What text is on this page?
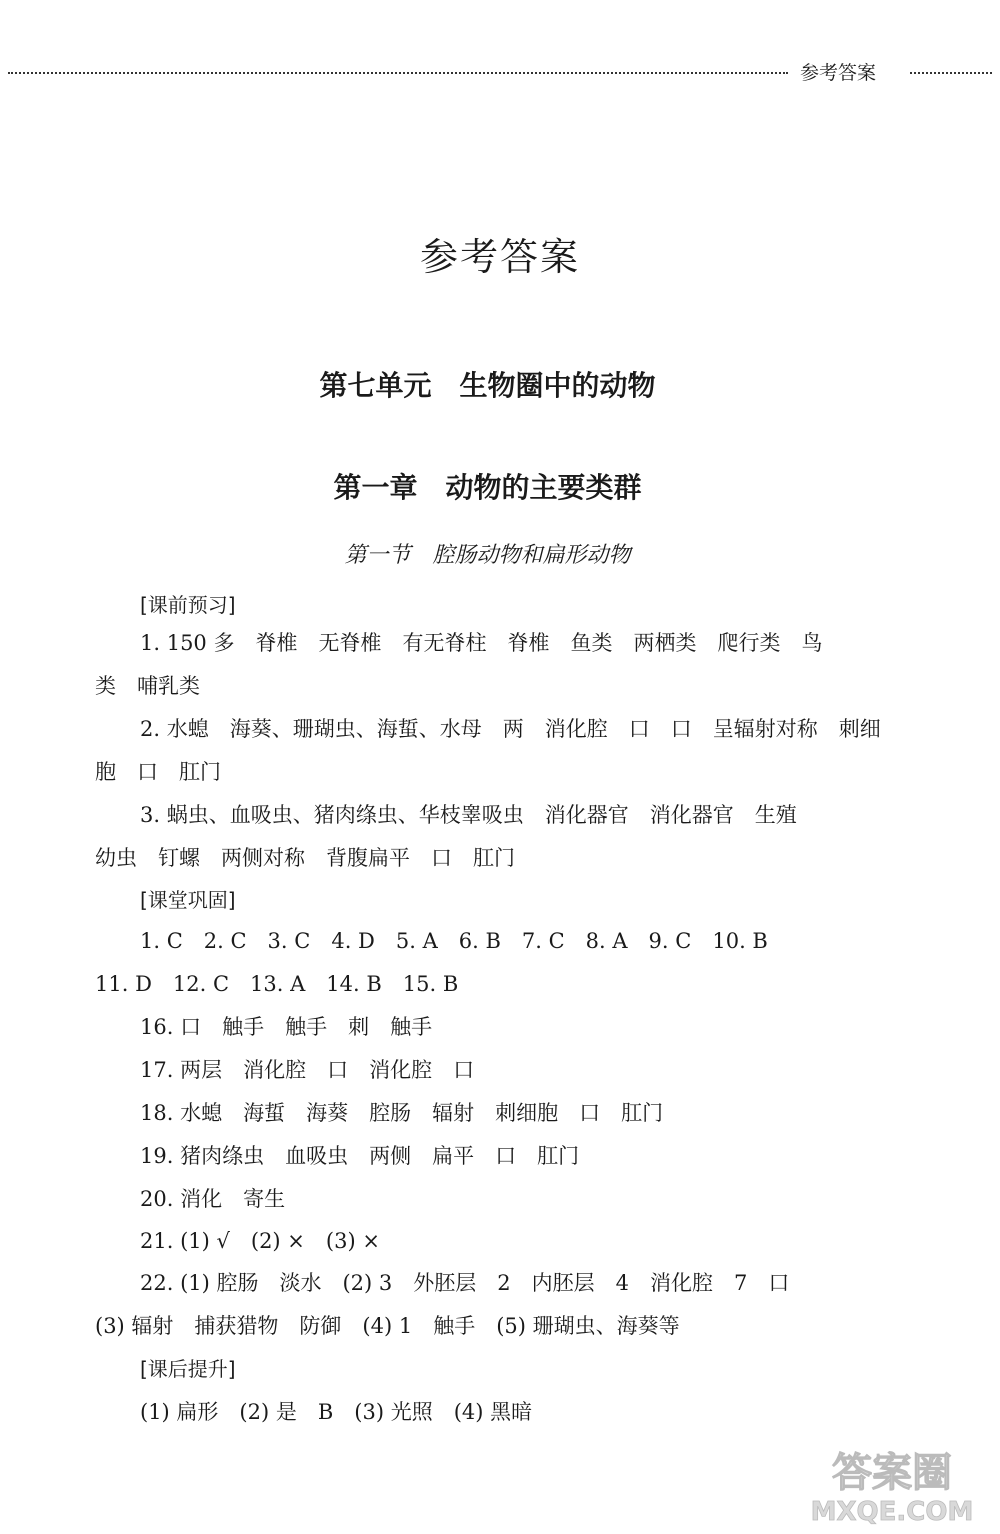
参考答案
参考答案
第七单元　生物圈中的动物
第一章　动物的主要类群
第一节　腔肠动物和扁形动物
[课前预习]
1. 150 多　脊椎　无脊椎　有无脊柱　脊椎　鱼类　两栖类　爬行类　鸟
类　哺乳类
2. 水螅　海葵、珊瑚虫、海蜇、水母　两　消化腔　口　口　呈辐射对称　刺细
胞　口　肛门
3. 蜗虫、血吸虫、猪肉绦虫、华枝睾吸虫　消化器官　消化器官　生殖
幼虫　钉螺　两侧对称　背腹扁平　口　肛门
[课堂巩固]
1. C　2. C　3. C　4. D　5. A　6. B　7. C　8. A　9. C　10. B
11. D　12. C　13. A　14. B　15. B
16. 口　触手　触手　刺　触手
17. 两层　消化腔　口　消化腔　口
18. 水螅　海蜇　海葵　腔肠　辐射　刺细胞　口　肛门
19. 猪肉绦虫　血吸虫　两侧　扁平　口　肛门
20. 消化　寄生
21. (1) √　(2) ×　(3) ×
22. (1) 腔肠　淡水　(2) 3　外胚层　2　内胚层　4　消化腔　7　口
(3) 辐射　捕获猎物　防御　(4) 1　触手　(5) 珊瑚虫、海葵等
[课后提升]
(1) 扁形　(2) 是　B　(3) 光照　(4) 黑暗
答案圈
MXQE.COM
